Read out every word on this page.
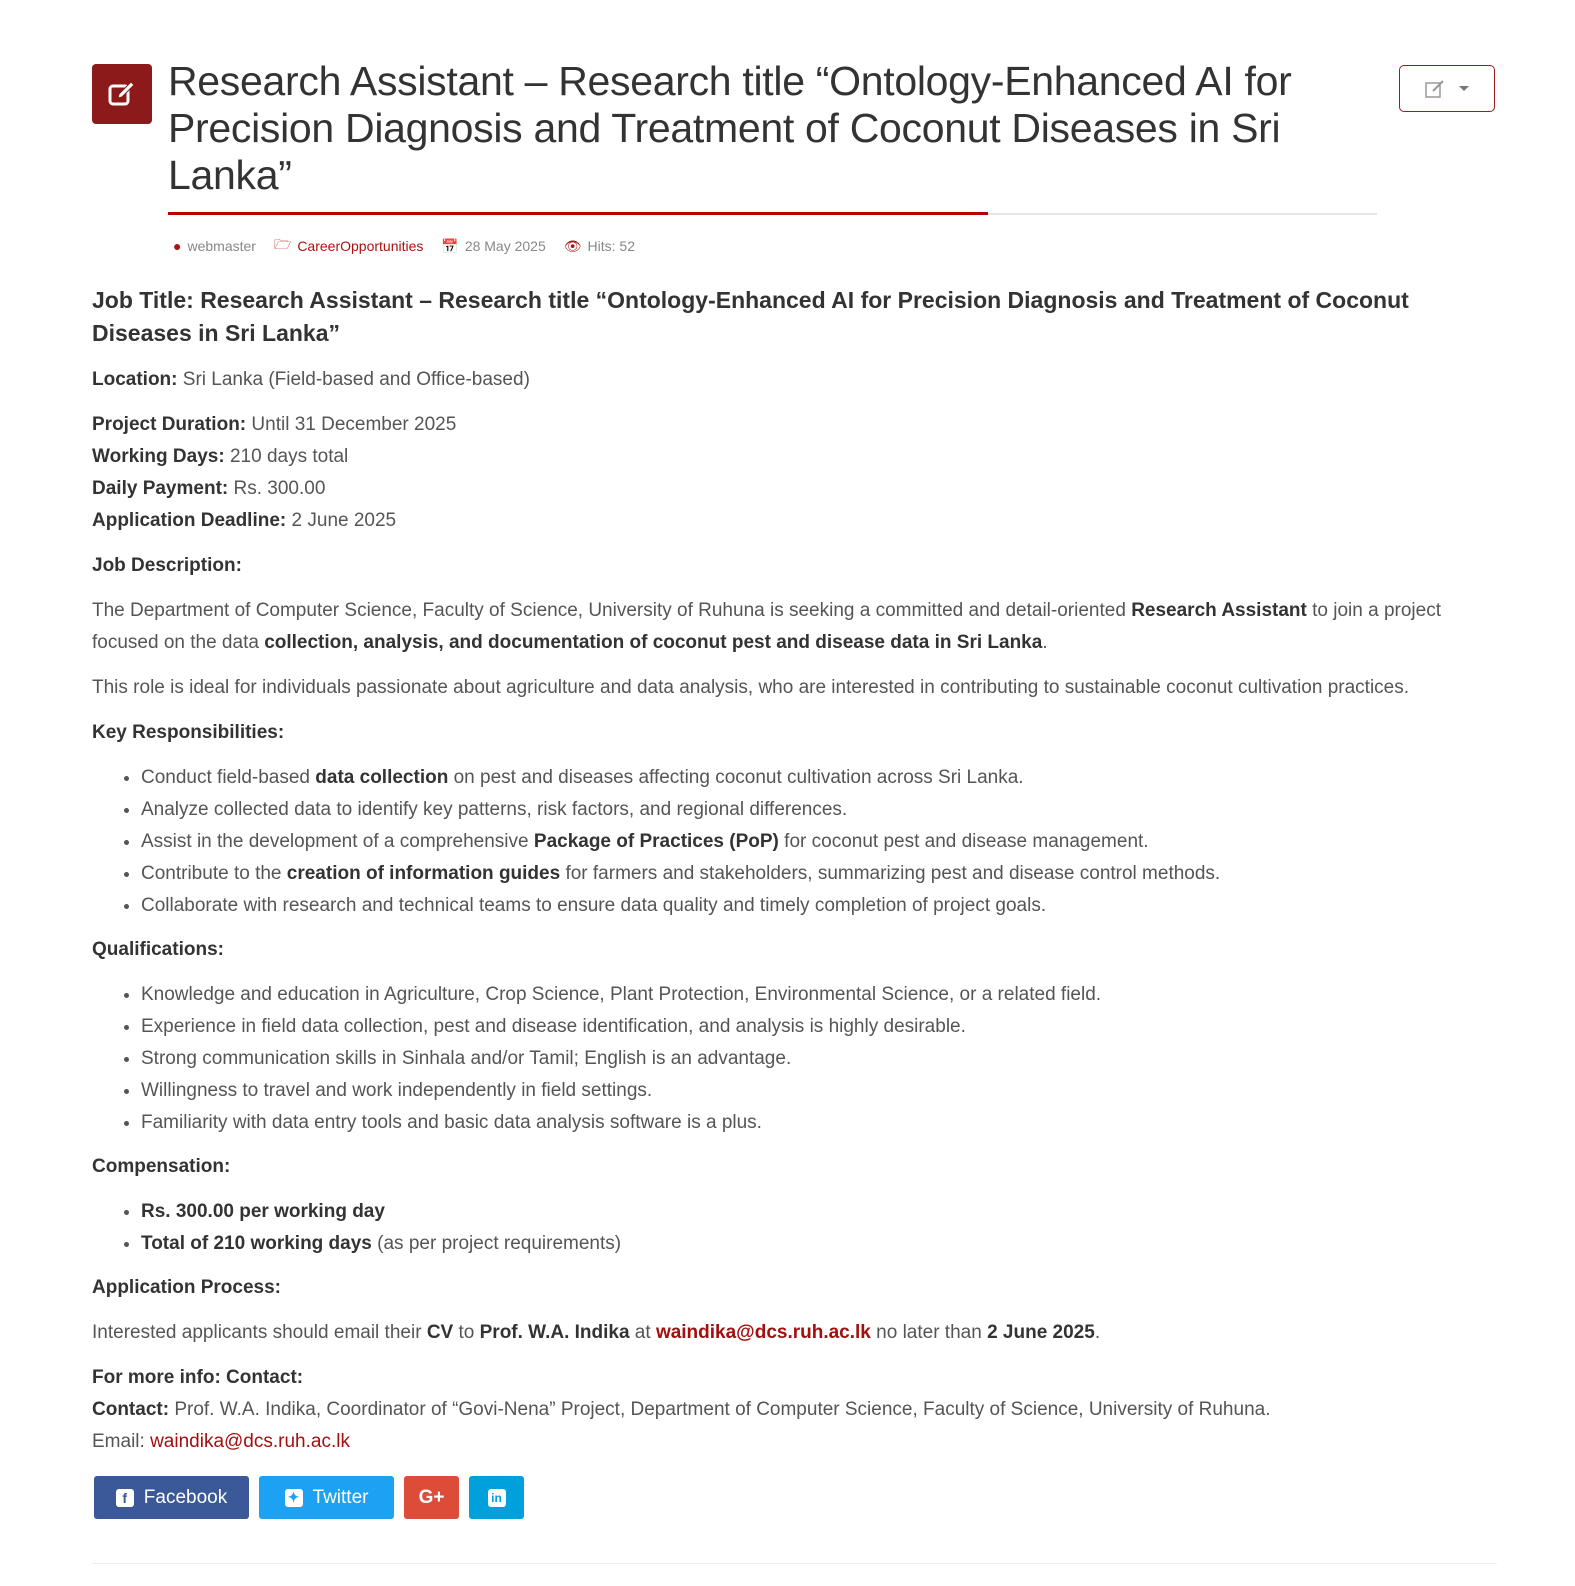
Research Assistant – Research title “Ontology-Enhanced AI for Precision Diagnosis and Treatment of Coconut Diseases in Sri Lanka”
● webmaster 🗁 CareerOpportunities 📅 28 May 2025 👁 Hits: 52
Job Title: Research Assistant – Research title “Ontology-Enhanced AI for Precision Diagnosis and Treatment of Coconut Diseases in Sri Lanka”

Location: Sri Lanka (Field-based and Office-based)

Project Duration: Until 31 December 2025

Working Days: 210 days total

Daily Payment: Rs. 300.00

Application Deadline: 2 June 2025

Job Description:

The Department of Computer Science, Faculty of Science, University of Ruhuna is seeking a committed and detail-oriented Research Assistant to join a project focused on the data collection, analysis, and documentation of coconut pest and disease data in Sri Lanka.

This role is ideal for individuals passionate about agriculture and data analysis, who are interested in contributing to sustainable coconut cultivation practices.

Key Responsibilities:

• Conduct field-based data collection on pest and diseases affecting coconut cultivation across Sri Lanka.
• Analyze collected data to identify key patterns, risk factors, and regional differences.
• Assist in the development of a comprehensive Package of Practices (PoP) for coconut pest and disease management.
• Contribute to the creation of information guides for farmers and stakeholders, summarizing pest and disease control methods.
• Collaborate with research and technical teams to ensure data quality and timely completion of project goals.

Qualifications:

• Knowledge and education in Agriculture, Crop Science, Plant Protection, Environmental Science, or a related field.
• Experience in field data collection, pest and disease identification, and analysis is highly desirable.
• Strong communication skills in Sinhala and/or Tamil; English is an advantage.
• Willingness to travel and work independently in field settings.
• Familiarity with data entry tools and basic data analysis software is a plus.

Compensation:

• Rs. 300.00 per working day
• Total of 210 working days (as per project requirements)

Application Process:

Interested applicants should email their CV to Prof. W.A. Indika at waindika@dcs.ruh.ac.lk no later than 2 June 2025.

For more info: Contact:

Contact: Prof. W.A. Indika, Coordinator of “Govi-Nena” Project, Department of Computer Science, Faculty of Science, University of Ruhuna.

Email: waindika@dcs.ruh.ac.lk

f Facebook	✦ Twitter	G+	in
